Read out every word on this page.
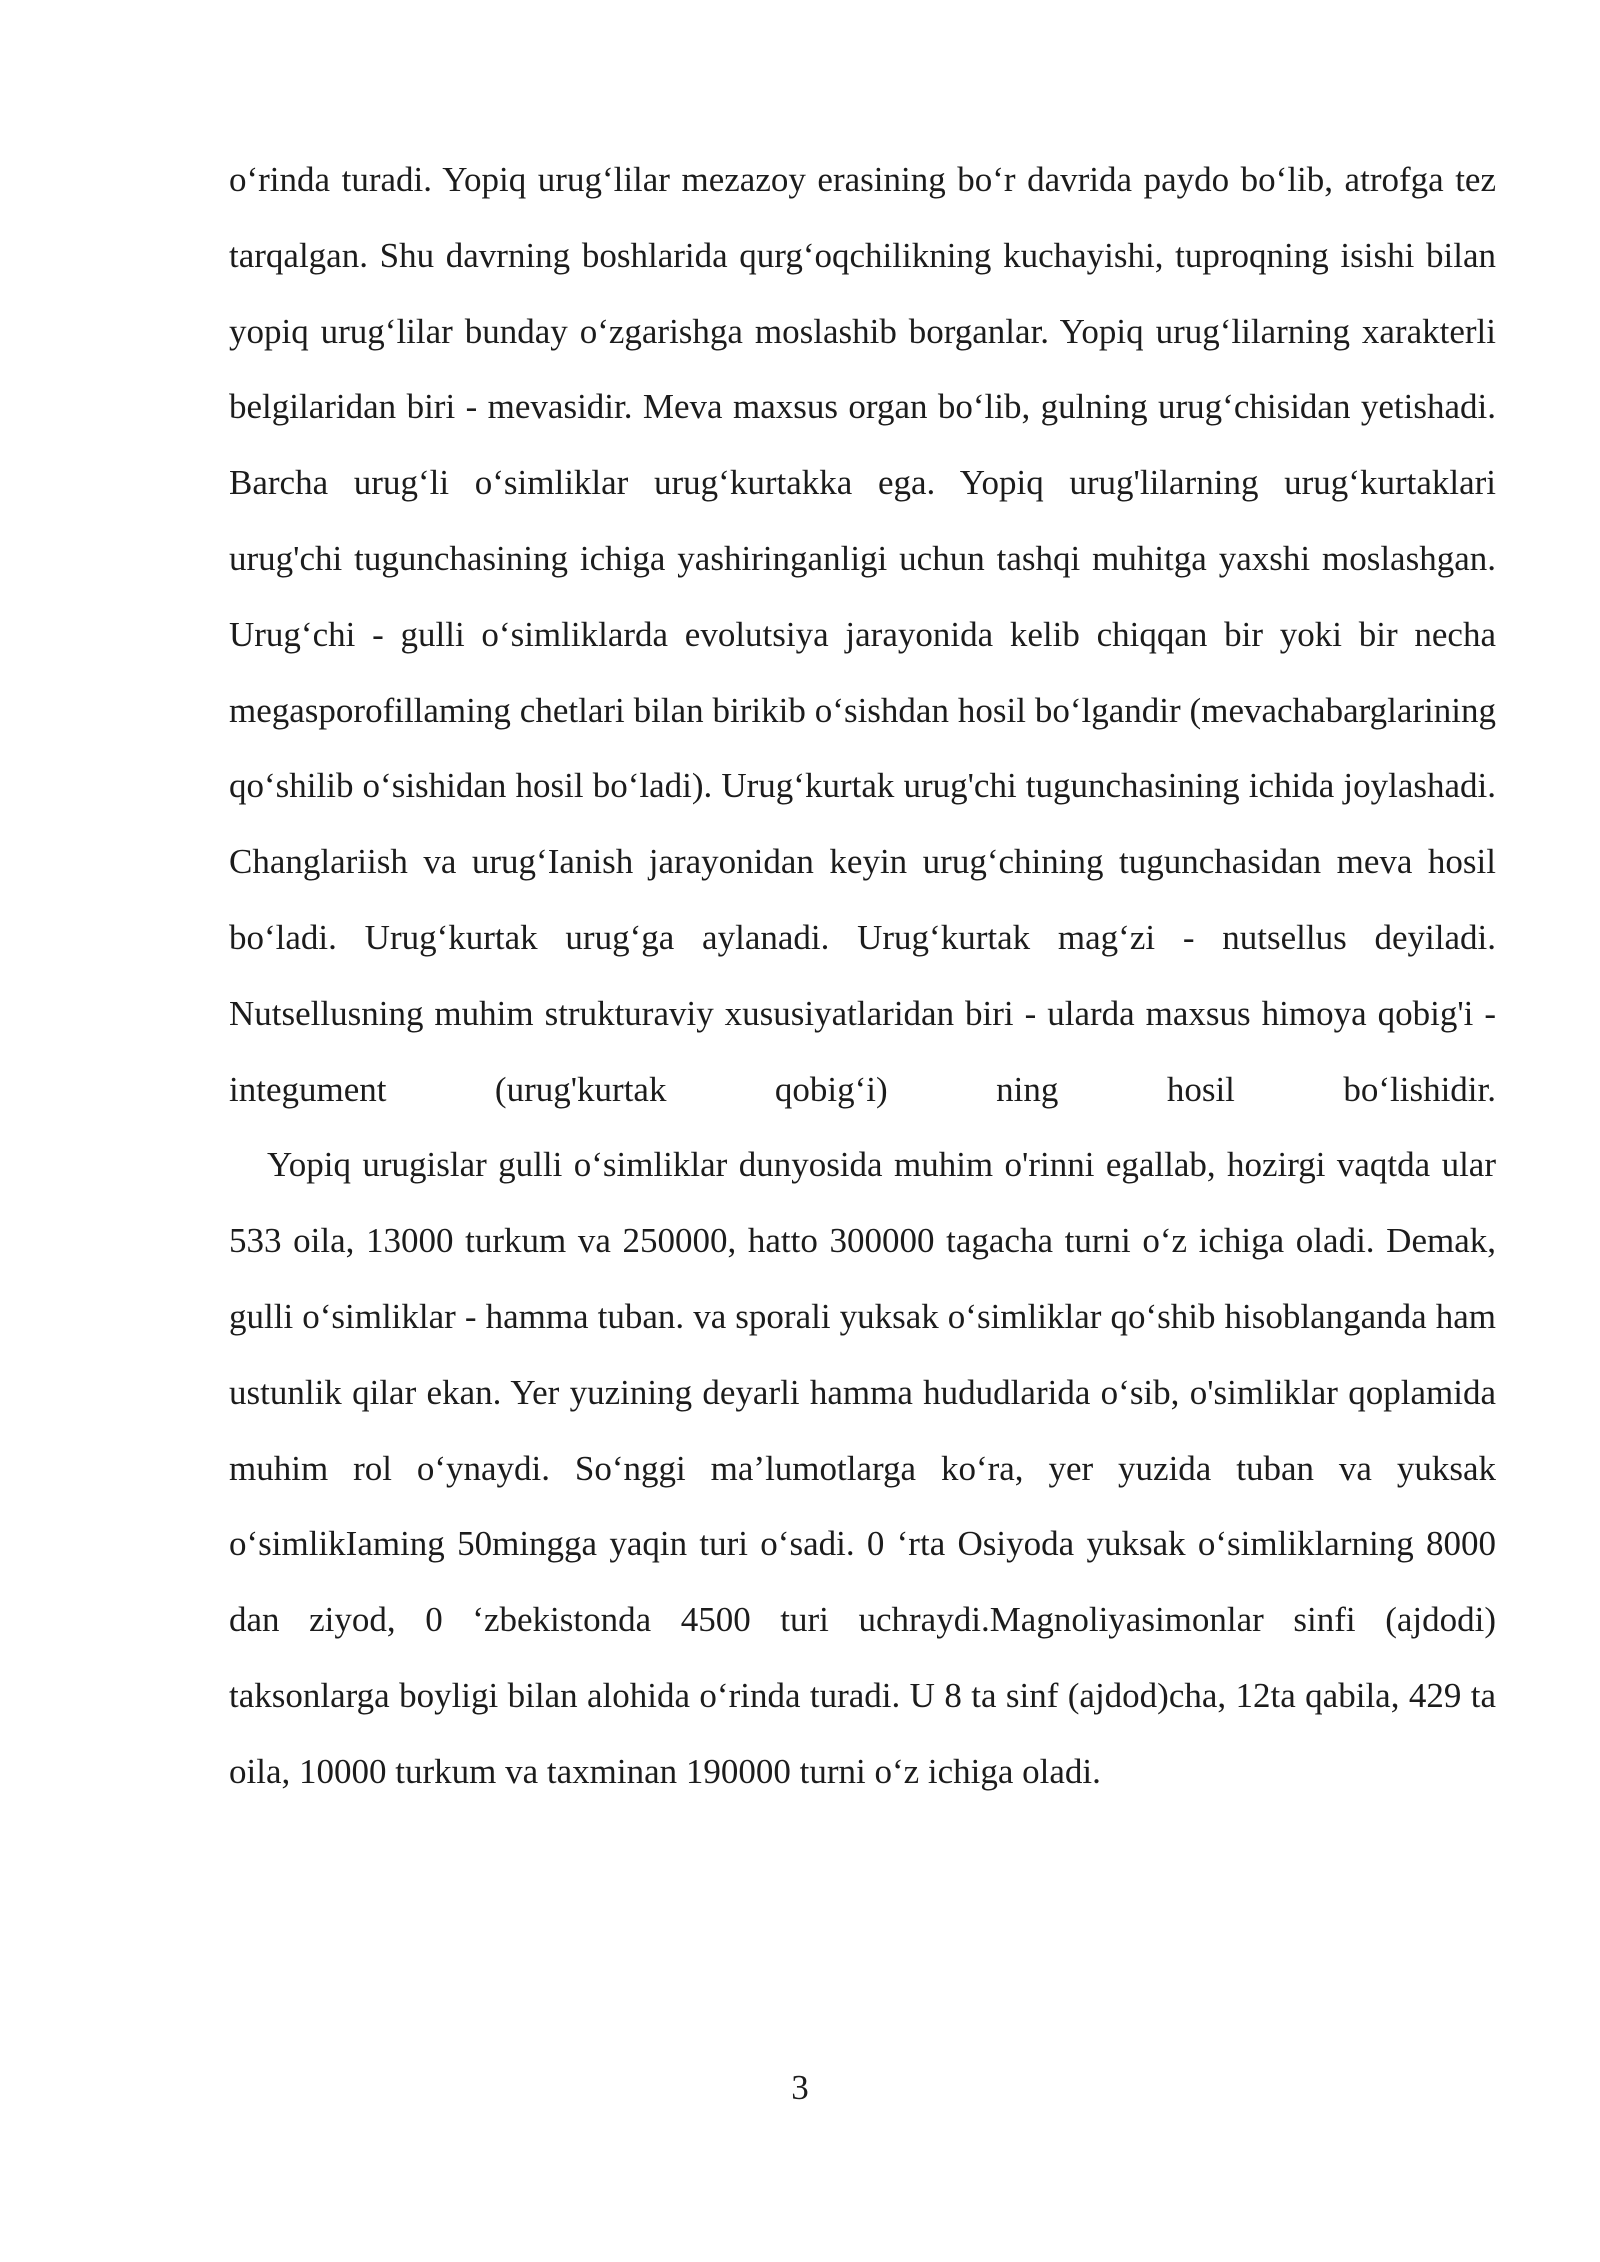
o‘rinda turadi. Yopiq urug‘lilar mezazoy erasining bo‘r davrida paydo bo‘lib, atrofga tez tarqalgan. Shu davrning boshlarida qurg‘oqchilikning kuchayishi, tuproqning isishi bilan yopiq urug‘lilar bunday o‘zgarishga moslashib borganlar. Yopiq urug‘lilarning xarakterli belgilaridan biri - mevasidir. Meva maxsus organ bo‘lib, gulning urug‘chisidan yetishadi. Barcha urug‘li o‘simliklar urug‘kurtakka ega. Yopiq urug'lilarning urug‘kurtaklari urug'chi tugunchasining ichiga yashiringanligi uchun tashqi muhitga yaxshi moslashgan. Urug‘chi - gulli o‘simliklarda evolutsiya jarayonida kelib chiqqan bir yoki bir necha megasporofillaming chetlari bilan birikib o‘sishdan hosil bo‘lgandir (mevachabarglarining qo‘shilib o‘sishidan hosil bo‘ladi). Urug‘kurtak urug'chi tugunchasining ichida joylashadi. Changlariish va urug‘Ianish jarayonidan keyin urug‘chining tugunchasidan meva hosil bo‘ladi. Urug‘kurtak urug‘ga aylanadi. Urug‘kurtak mag‘zi - nutsellus deyiladi. Nutsellusning muhim strukturaviy xususiyatlaridan biri - ularda maxsus himoya qobig'i - integument (urug'kurtak qobig‘i) ning hosil bo‘lishidir.

Yopiq urugislar gulli o‘simliklar dunyosida muhim o'rinni egallab, hozirgi vaqtda ular 533 oila, 13000 turkum va 250000, hatto 300000 tagacha turni o‘z ichiga oladi. Demak, gulli o‘simliklar - hamma tuban. va sporali yuksak o‘simliklar qo‘shib hisoblanganda ham ustunlik qilar ekan. Yer yuzining deyarli hamma hududlarida o‘sib, o'simliklar qoplamida muhim rol o‘ynaydi. So‘nggi ma’lumotlarga ko‘ra, yer yuzida tuban va yuksak o‘simlikIaming 50mingga yaqin turi o‘sadi. 0 ‘rta Osiyoda yuksak o‘simliklarning 8000 dan ziyod, 0 ‘zbekistonda 4500 turi uchraydi.Magnoliyasimonlar sinfi (ajdodi) taksonlarga boyligi bilan alohida o‘rinda turadi. U 8 ta sinf (ajdod)cha, 12ta qabila, 429 ta oila, 10000 turkum va taxminan 190000 turni o‘z ichiga oladi.

3
